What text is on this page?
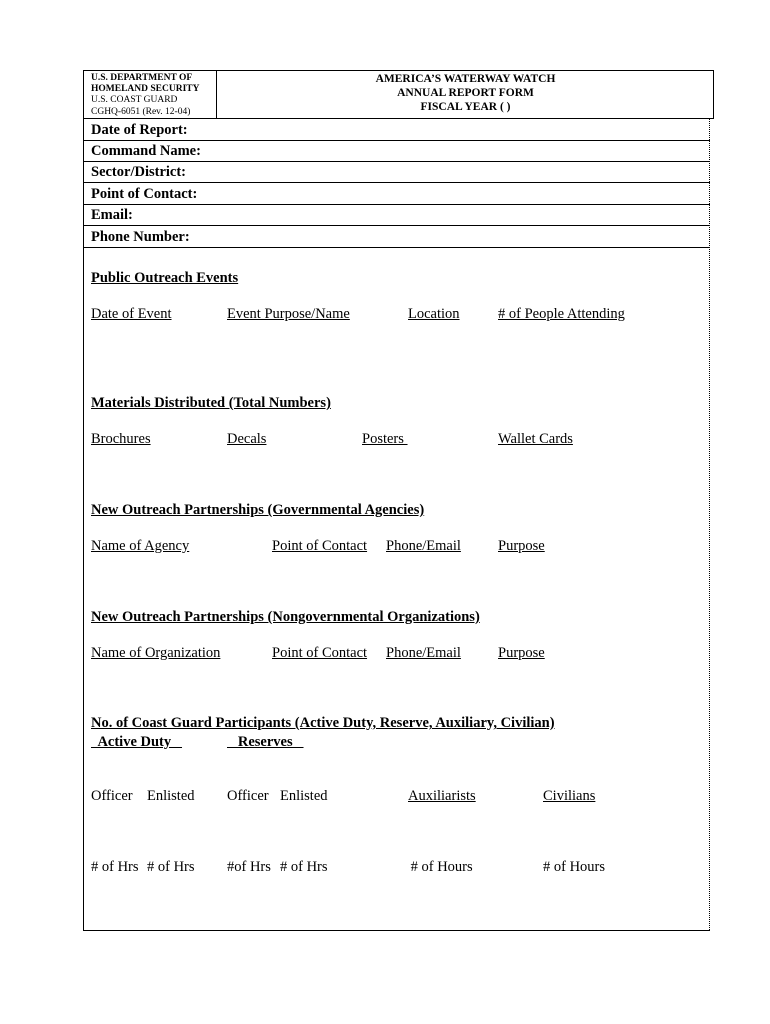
U.S. DEPARTMENT OF
HOMELAND SECURITY
U.S. COAST GUARD
CGHQ-6051 (Rev. 12-04)
AMERICA’S WATERWAY WATCH
ANNUAL REPORT FORM
FISCAL YEAR ( )
Date of Report:
Command Name:
Sector/District:
Point of Contact:
Email:
Phone Number:
Public Outreach Events
Date of Event	Event Purpose/Name	Location	# of People Attending
Materials Distributed (Total Numbers)
Brochures	Decals	Posters	Wallet Cards
New Outreach Partnerships (Governmental Agencies)
Name of Agency	Point of Contact Phone/Email	Purpose
New Outreach Partnerships (Nongovernmental Organizations)
Name of Organization	Point of Contact Phone/Email	Purpose
No. of Coast Guard Participants (Active Duty, Reserve, Auxiliary, Civilian)
Active Duty	Reserves
Officer Enlisted Officer Enlisted	Auxiliarists	Civilians
# of Hrs # of Hrs #of Hrs # of Hrs	# of Hours	# of Hours
